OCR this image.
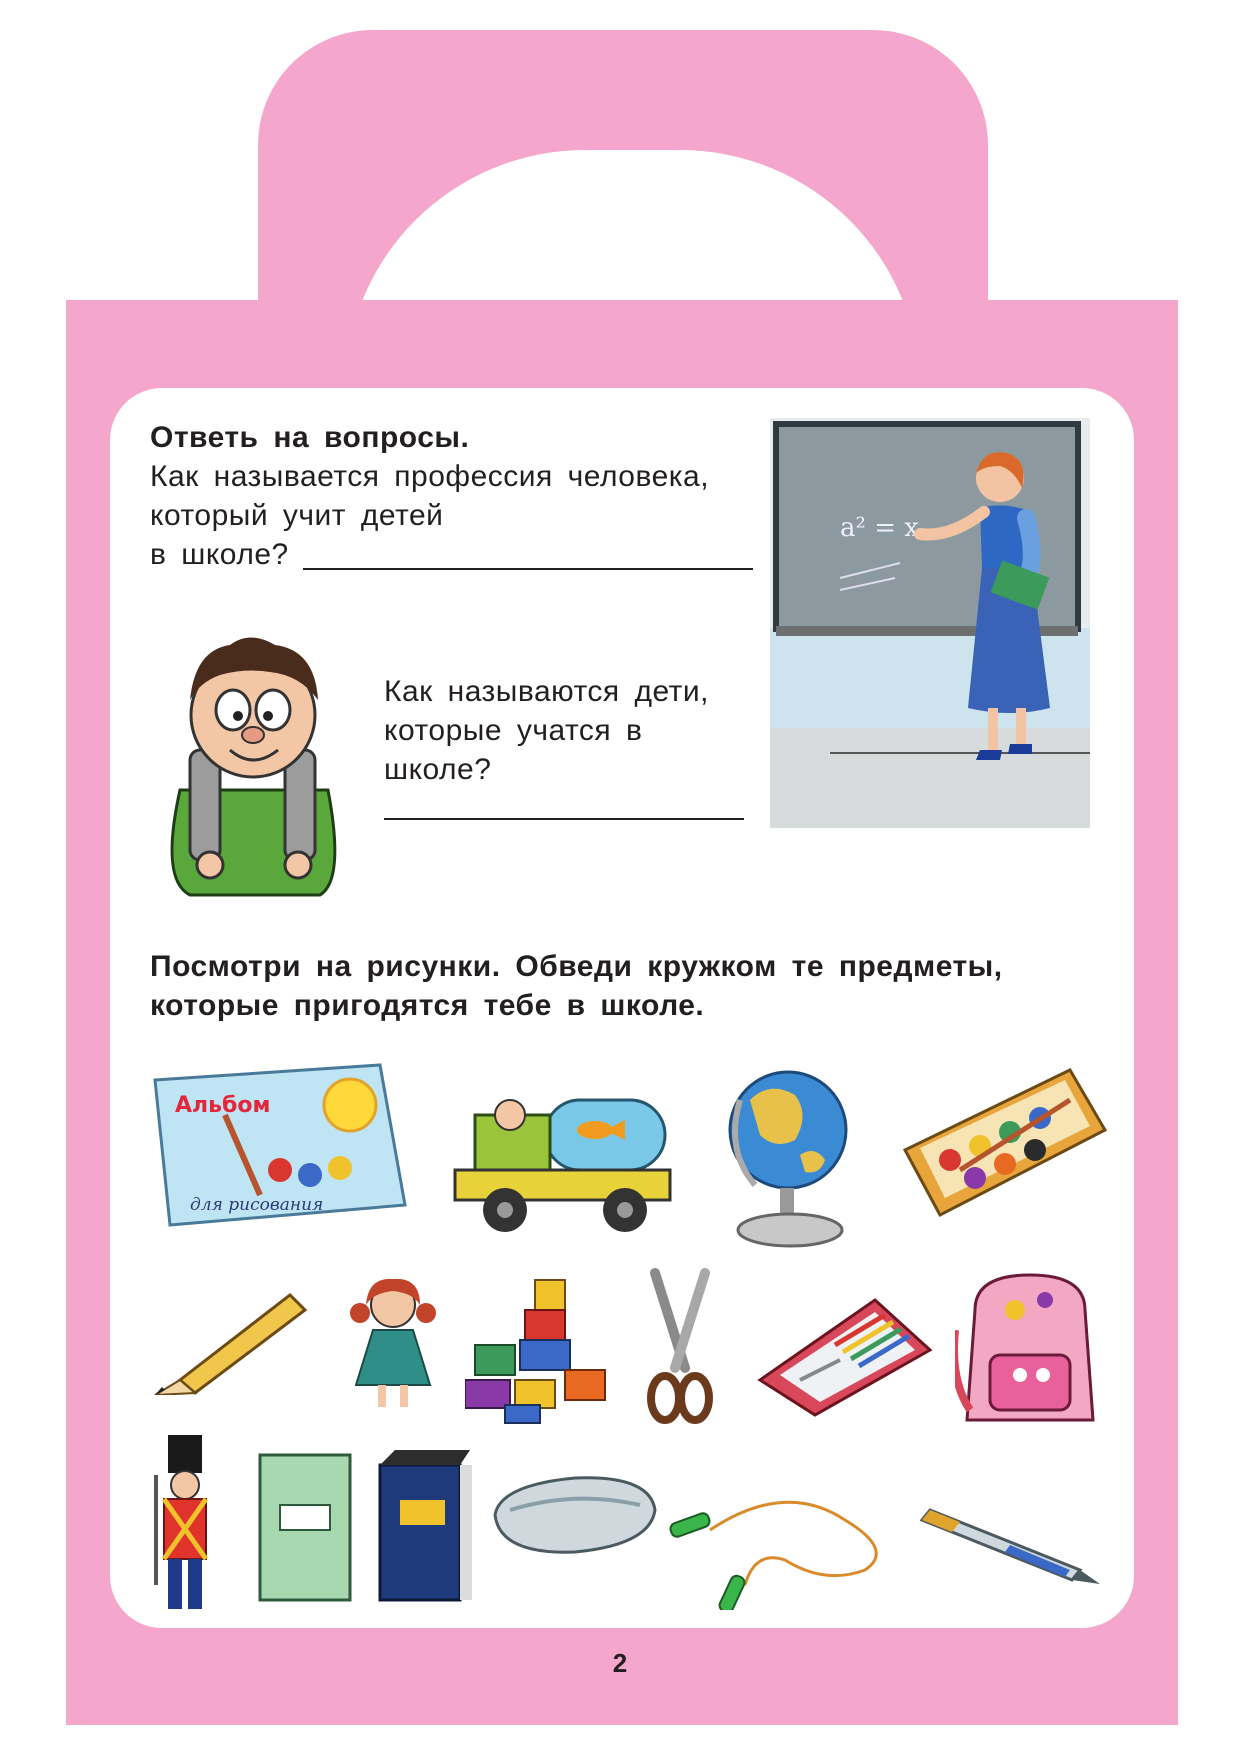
Ответь на вопросы.
Как называется профессия человека,
который учит детей
в школе?
Как называются дети,
которые учатся в
школе?
a² = x
Посмотри на рисунки. Обведи кружком те предметы,
которые пригодятся тебе в школе.
Альбом
для рисования
2
